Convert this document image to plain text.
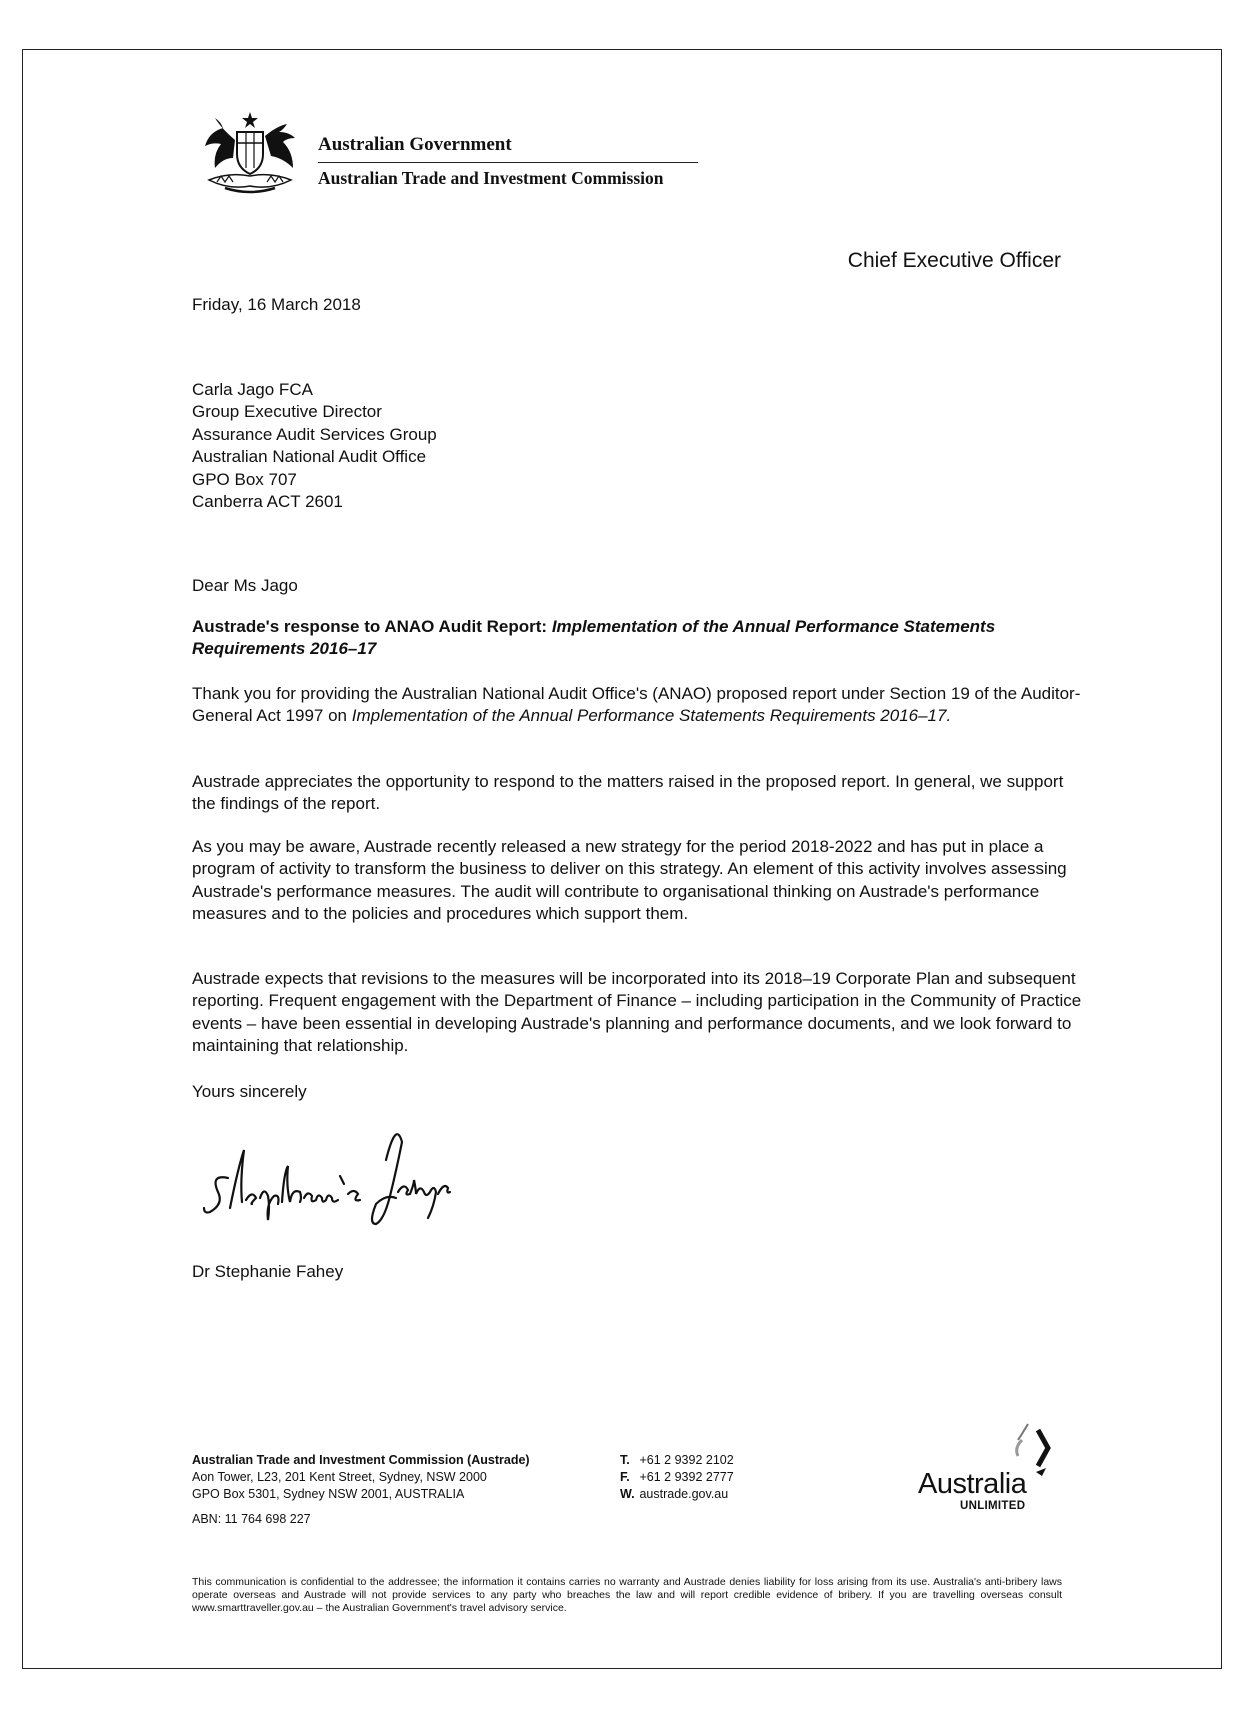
Australian Government
Australian Trade and Investment Commission
Chief Executive Officer
Friday, 16 March 2018
Carla Jago FCA
Group Executive Director
Assurance Audit Services Group
Australian National Audit Office
GPO Box 707
Canberra ACT 2601
Dear Ms Jago
Austrade's response to ANAO Audit Report: Implementation of the Annual Performance Statements Requirements 2016–17
Thank you for providing the Australian National Audit Office's (ANAO) proposed report under Section 19 of the Auditor-General Act 1997 on Implementation of the Annual Performance Statements Requirements 2016–17.
Austrade appreciates the opportunity to respond to the matters raised in the proposed report. In general, we support the findings of the report.
As you may be aware, Austrade recently released a new strategy for the period 2018-2022 and has put in place a program of activity to transform the business to deliver on this strategy. An element of this activity involves assessing Austrade's performance measures. The audit will contribute to organisational thinking on Austrade's performance measures and to the policies and procedures which support them.
Austrade expects that revisions to the measures will be incorporated into its 2018–19 Corporate Plan and subsequent reporting. Frequent engagement with the Department of Finance – including participation in the Community of Practice events – have been essential in developing Austrade's planning and performance documents, and we look forward to maintaining that relationship.
Yours sincerely
Dr Stephanie Fahey
Australian Trade and Investment Commission (Austrade)
Aon Tower, L23, 201 Kent Street, Sydney, NSW 2000
GPO Box 5301, Sydney NSW 2001, AUSTRALIA
ABN: 11 764 698 227
T. +61 2 9392 2102
F. +61 2 9392 2777
W. austrade.gov.au	Australia
UNLIMITED
This communication is confidential to the addressee; the information it contains carries no warranty and Austrade denies liability for loss arising from its use. Australia's anti-bribery laws operate overseas and Austrade will not provide services to any party who breaches the law and will report credible evidence of bribery. If you are travelling overseas consult www.smarttraveller.gov.au – the Australian Government's travel advisory service.
